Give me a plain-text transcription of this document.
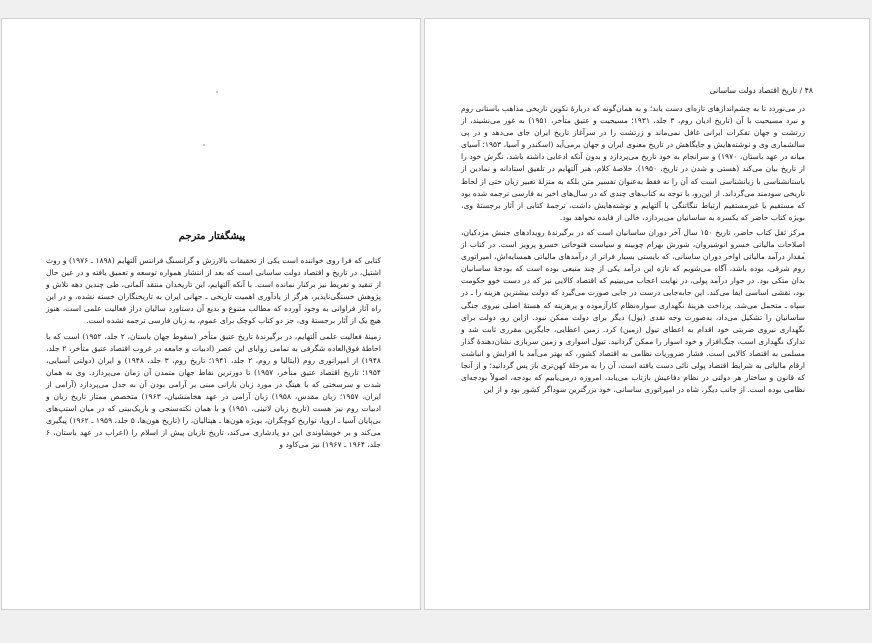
پیشگفتار مترجم

کتابی که فرا روی خواننده است یکی از تحقیقات بالارزش و گرانسنگ فرانتس آلتهایم (۱۸۹۸ ـ ۱۹۷۶) و روث اشتیل، در تاریخ و اقتصاد دولت ساسانی است که بعد از انتشار همواره توسعه و تعمیق یافته و در عین حال از تنقید و تفریط نیز برکنار نمانده است. با آنکه آلتهایم، این تاریخدان منتقد آلمانی، طی چندین دهه تلاش و پژوهش خستگی‌ناپذیر، هرگز از یادآوری اهمیت تاریخی ـ جهانی ایران به تاریخنگاران خسته نشده، و در این راه آثار فراوانی به وجود آورده که مطالب متنوع و بدیع آن دستاورد سالیان دراز فعالیت علمی است، هنوز هیچ یک از آثار برجستهٔ وی، جز دو کتاب کوچک برای عموم، به زبان فارسی ترجمه نشده است.

زمینهٔ فعالیت علمی آلتهایم، در برگیرندهٔ تاریخ عتیق متأخر (سقوط جهان باستان، ۲ جلد، ۱۹۵۲) است که با احاطهٔ فوق‌العاده شگرفی به تمامی زوایای این عصر (ادبیات و جامعه در غروب اقتصاد عتیق متأخر، ۲ جلد، ۱۹۴۸) از امپراتوری روم (ایتالیا و روم، ۲ جلد، ۱۹۴۱؛ تاریخ روم، ۳ جلد، ۱۹۴۸) و ایران (دولتی آسیایی، ۱۹۵۴؛ تاریخ اقتصاد عتیق متأخر، ۱۹۵۷) تا دورترین نقاط جهان متمدن آن زمان می‌پردازد. وی به همان شدت و سرسختی که با هیتگ در مورد زبان یارانی مبنی بر آرامی بودن آن به جدل می‌پردازد (آرامی از ایران، ۱۹۵۷؛ زبان مقدس، ۱۹۵۸) زبان آرامی در عهد هخامنشیان، ۱۹۶۳) متخصص ممتاز تاریخ زبان و ادبیات روم نیز هست (تاریخ زبان لاتینی، ۱۹۵۱) و با همان نکته‌سنجی و باریک‌بینی که در میان استپ‌های بی‌پایان آسیا ـ اروپا، تواریخ کوچگران، بویژه هون‌ها ـ هپتالیان، را (تاریخ هون‌ها، ۵ جلد، ۱۹۵۹ ـ ۱۹۶۲) پیگیری می‌کند و بر خویشاوندی این دو پادشاری می‌کند، تاریخ تازیان پیش از اسلام را (اعراب در عهد باستان، ۶ جلد، ۱۹۶۴ ـ ۱۹۶۷) نیز می‌کاود و

۴۸ / تاریخ اقتصاد دولت ساسانی

در می‌نوردد تا به چشم‌اندازهای تازه‌ای دست یابد؛ و به همان‌گونه که دربارهٔ تکوین تاریخی مذاهب باستانی روم و نبرد مسیحیت با آن (تاریخ ادیان روم، ۳ جلد، ۱۹۳۱؛ مسیحیت و عتیق متأخر، ۱۹۵۱) به غور می‌نشیند، از زرتشت و جهان تفکرات ایرانی غافل نمی‌ماند و زرتشت را در سرآغاز تاریخ ایران جای می‌دهد و در پی سالشماری وی و نوشته‌هایش و جایگاهش در تاریخ معنوی ایران و جهان برمی‌آید (اسکندر و آسیا، ۱۹۵۳؛ آسیای میانه در عهد باستان، ۱۹۷۰) و سرانجام به خود تاریخ می‌پردازد و بدون آنکه ادعایی داشته باشد، نگرش خود را از تاریخ بیان می‌کند (هستی و شدن در تاریخ، ۱۹۵۰). خلاصهٔ کلام، هنر آلتهایم در تلفیق استادانه و نمادین از باستانشناسی با زبانشناسی است که آن را نه فقط به‌عنوان تفسیر متن بلکه به منزلهٔ تعبیر زبان حتی از لحاظ تاریخی سودمند می‌گرداند. از این‌رو، با توجه به کتاب‌های چندی که در سال‌های اخیر به فارسی ترجمه شده بود که مستقیم یا غیرمستقیم ارتباط تنگاتنگی با آلتهایم و نوشته‌هایش داشت، ترجمهٔ کتابی از آثار برجستهٔ وی، بویژه کتاب حاضر که یکسره به ساسانیان می‌پردازد، خالی از فایده نخواهد بود.

مرکز ثقل کتاب حاضر، تاریخ ۱۵۰ سال آخر دوران ساسانیان است که در برگیرندهٔ رویدادهای جنبش مزدکیان، اصلاحات مالیاتی خسرو انوشیروان، شورش بهرام چوبینه و سیاست فتوحاتی خسرو پرویز است. در کتاب از مقدار درآمد مالیاتی اواخر دوران ساسانی، که بایستی بسیار فراتر از درآمدهای مالیاتی همسایه‌اش، امپراتوری روم شرقی، بوده باشد، آگاه می‌شویم که تازه این درآمد یکی از چند منبعی بوده است که بودجهٔ ساسانیان بدان متکی بود. در جوار درآمد پولی، در نهایت اعجاب می‌بینیم که اقتصاد کالایی نیز که در دست خوو حکومت بود، نقشی اساسی ایفا می‌کند. این جابه‌جایی درست در جایی صورت می‌گیرد که دولت بیشترین هزینه را ـ در سپاه ـ متحمل می‌شد. پرداخت هزینهٔ نگهداری سواره‌نظام کارآزموده و پرهزینه که هستهٔ اصلی نیروی جنگی ساسانیان را تشکیل می‌داد، به‌صورت وجه نقدی (پول) دیگر برای دولت ممکن نبود. ازاین رو، دولت برای نگهداری نیروی ضربتی خود اقدام به اعطای تیول (زمین) کرد. زمین اعطایی، جایگزین مقرری ثابت شد و تدارک نگهداری اسب، جنگ‌افزار و خود اسوار را ممکن گردانید. تیول اسواری و زمین سربازی نشان‌دهندهٔ گذار مسلمی به اقتصاد کالایی است. فشار ضروریات نظامی به اقتصاد کشور، که بهتر می‌آمد با افزایش و انباشت ارقام مالیاتی به شرایط اقتصاد پولی نائی دست یافته است، آن را به مرحلهٔ کهن‌تری باز پس گردانید؛ و از آنجا که قانون و ساختار هر دولتی در نظام دفاعیش بازتاب می‌یابد، امروزه درمی‌یابیم که بودجه، اصولاً بودجه‌ای نظامی بوده است. از جانب دیگر، شاه در امپراتوری ساسانی، خود بزرگترین سوداگر کشور بود و از این
